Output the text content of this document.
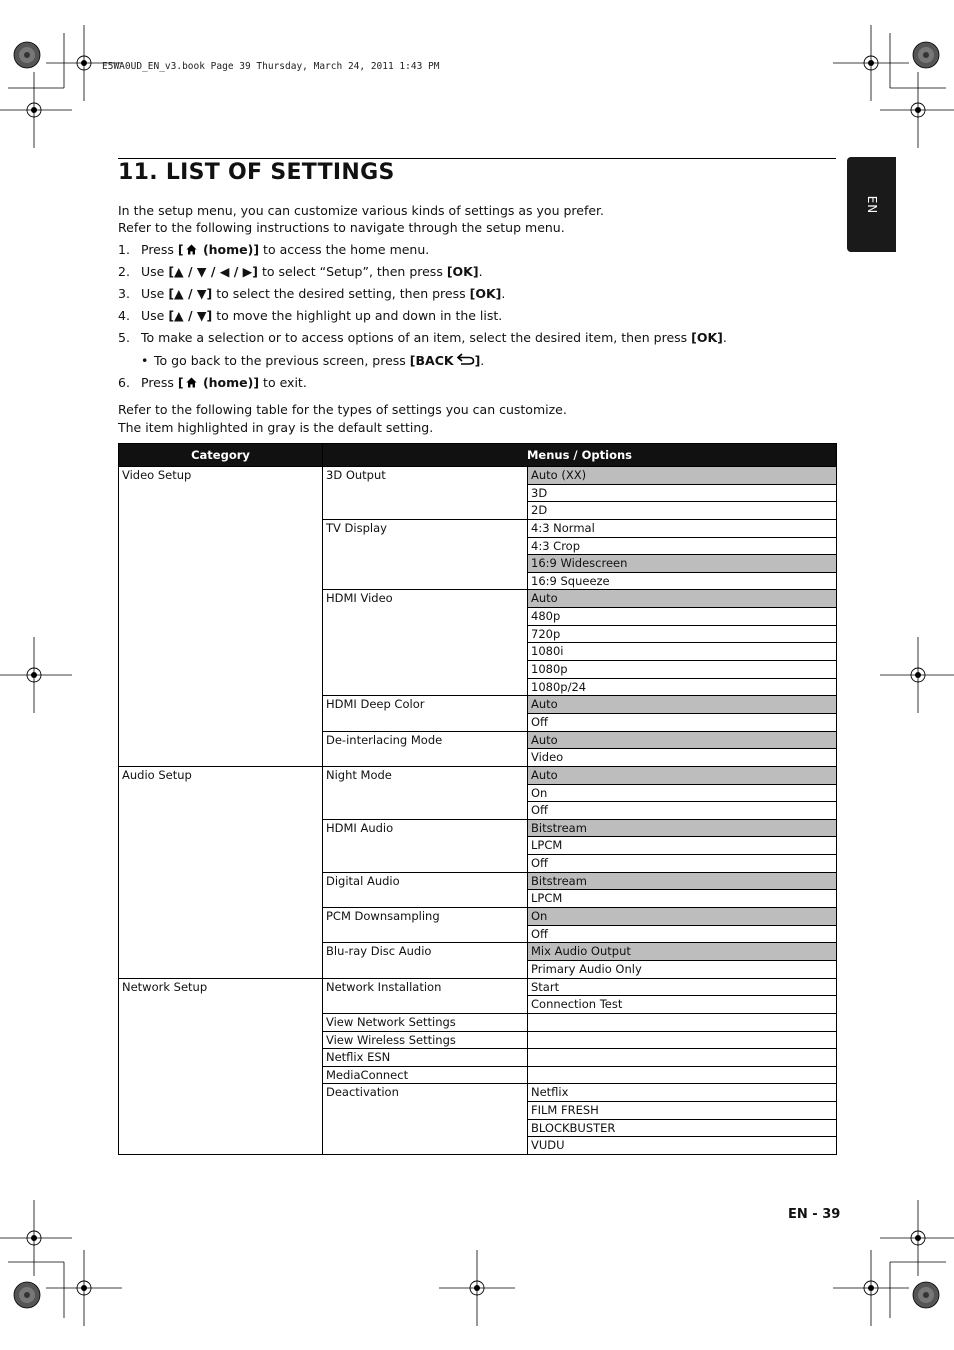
E5WA0UD_EN_v3.book Page 39 Thursday, March 24, 2011 1:43 PM
11. LIST OF SETTINGS
EN
In the setup menu, you can customize various kinds of settings as you prefer.
Refer to the following instructions to navigate through the setup menu.
1. Press [ (home)] to access the home menu.
2. Use [▲ / ▼ / ◀ / ▶] to select “Setup”, then press [OK].
3. Use [▲ / ▼] to select the desired setting, then press [OK].
4. Use [▲ / ▼] to move the highlight up and down in the list.
5. To make a selection or to access options of an item, select the desired item, then press [OK].
• To go back to the previous screen, press [BACK ].
6. Press [ (home)] to exit.
Refer to the following table for the types of settings you can customize.
The item highlighted in gray is the default setting.
Category	Menus / Options	
Video Setup	3D Output	Auto (XX)
		3D
		2D
	TV Display	4:3 Normal
		4:3 Crop
		16:9 Widescreen
		16:9 Squeeze
	HDMI Video	Auto
		480p
		720p
		1080i
		1080p
		1080p/24
	HDMI Deep Color	Auto
		Off
	De-interlacing Mode	Auto
		Video
Audio Setup	Night Mode	Auto
		On
		Off
	HDMI Audio	Bitstream
		LPCM
		Off
	Digital Audio	Bitstream
		LPCM
	PCM Downsampling	On
		Off
	Blu-ray Disc Audio	Mix Audio Output
		Primary Audio Only
Network Setup	Network Installation	Start
		Connection Test
	View Network Settings	
	View Wireless Settings	
	Netflix ESN	
	MediaConnect	
	Deactivation	Netflix
		FILM FRESH
		BLOCKBUSTER
		VUDU
EN - 39
